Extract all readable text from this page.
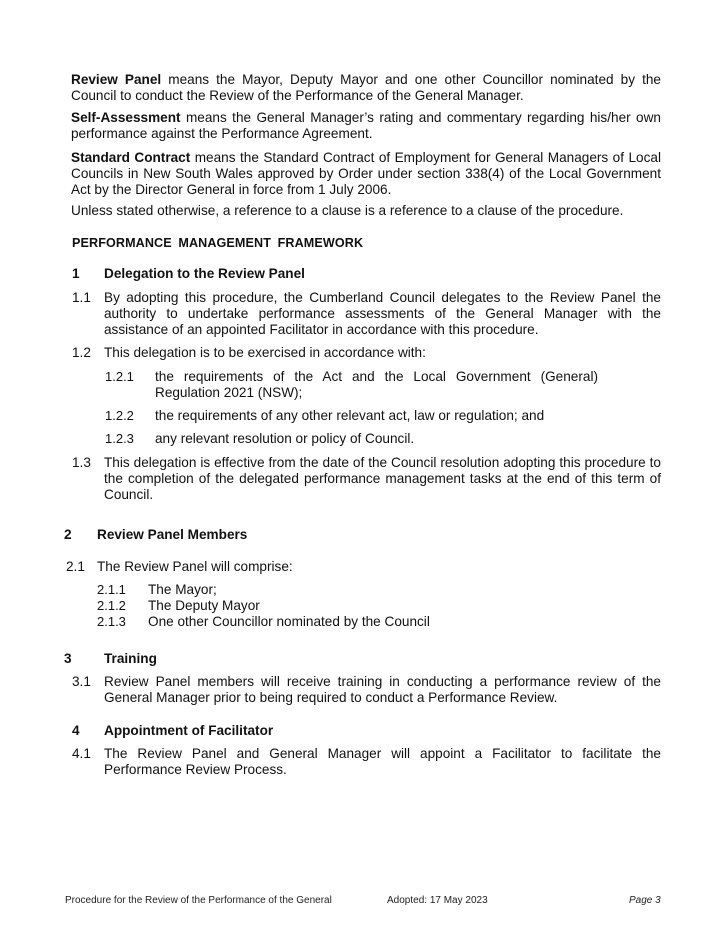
Review Panel means the Mayor, Deputy Mayor and one other Councillor nominated by the Council to conduct the Review of the Performance of the General Manager.

Self-Assessment means the General Manager’s rating and commentary regarding his/her own performance against the Performance Agreement.

Standard Contract means the Standard Contract of Employment for General Managers of Local Councils in New South Wales approved by Order under section 338(4) of the Local Government Act by the Director General in force from 1 July 2006.

Unless stated otherwise, a reference to a clause is a reference to a clause of the procedure.

PERFORMANCE MANAGEMENT FRAMEWORK
1 Delegation to the Review Panel
1.1 By adopting this procedure, the Cumberland Council delegates to the Review Panel the authority to undertake performance assessments of the General Manager with the assistance of an appointed Facilitator in accordance with this procedure.

1.2 This delegation is to be exercised in accordance with:

1.2.1 the requirements of the Act and the Local Government (General) Regulation 2021 (NSW);

1.2.2 the requirements of any other relevant act, law or regulation; and

1.2.3 any relevant resolution or policy of Council.

1.3 This delegation is effective from the date of the Council resolution adopting this procedure to the completion of the delegated performance management tasks at the end of this term of Council.

2 Review Panel Members
2.1 The Review Panel will comprise:

2.1.1 The Mayor;

2.1.2 The Deputy Mayor

2.1.3 One other Councillor nominated by the Council

3 Training
3.1 Review Panel members will receive training in conducting a performance review of the General Manager prior to being required to conduct a Performance Review.

4 Appointment of Facilitator
4.1 The Review Panel and General Manager will appoint a Facilitator to facilitate the Performance Review Process.

Procedure for the Review of the Performance of the General	Adopted: 17 May 2023	Page 3
